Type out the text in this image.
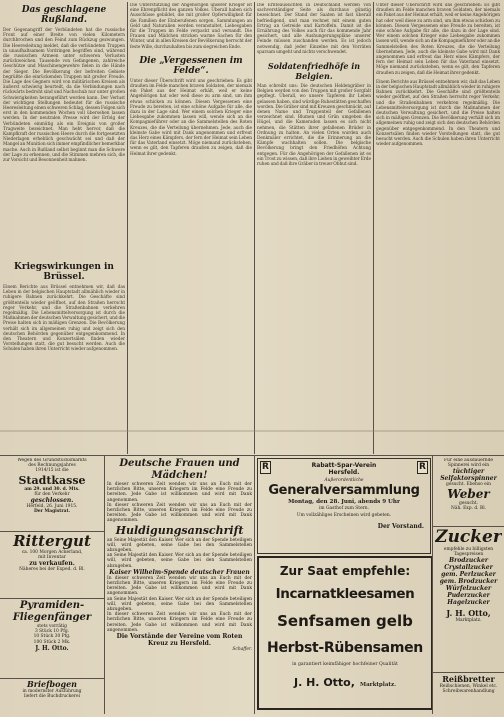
Das geschlagene Rußland.
Der Gegenangriff der Verbündeten hat die russische Front auf einer Breite von vielen Kilometern durchbrochen und den Feind zum Rückzug gezwungen. Die Heeresleitung meldet, daß die verbündeten Truppen in unaufhaltsamem Vordringen begriffen sind, während die russischen Armeen unter schweren Verlusten zurückweichen. Tausende von Gefangenen, zahlreiche Geschütze und Maschinengewehre fielen in die Hände der Sieger. Die Bevölkerung der befreiten Gebiete begrüßte die einrückenden Truppen mit großer Freude. Die Lage des Gegners wird von militärischen Kreisen als äußerst schwierig beurteilt, da die Verbindungen nach rückwärts bedroht sind und Nachschub nur unter großen Schwierigkeiten herangeführt werden kann. Der Verlust der wichtigen Stellungen bedeutet für die russische Heeresleitung einen schweren Schlag, dessen Folgen sich erst in den kommenden Wochen voll übersehen lassen werden. In der neutralen Presse wird der Erfolg der Verbündeten einmütig als ein Ereignis von großer Tragweite bezeichnet. Man hebt hervor, daß die Kampfkraft der russischen Heere durch die fortgesetzten Niederlagen erheblich geschwächt sei und daß der Mangel an Munition sich immer empfindlicher bemerkbar mache. Auch in Rußland selbst beginnt man die Schwere der Lage zu erkennen, und die Stimmen mehren sich, die zur Vorsicht und Besonnenheit mahnen.
Kriegswirkungen in Brüssel.
Einem Berichte aus Brüssel entnehmen wir, daß das Leben in der belgischen Hauptstadt allmählich wieder in ruhigere Bahnen zurückkehrt. Die Geschäfte sind größtenteils wieder geöffnet, auf den Straßen herrscht reger Verkehr, und die Straßenbahnen verkehren regelmäßig. Die Lebensmittelversorgung ist durch die Maßnahmen der deutschen Verwaltung gesichert, und die Preise halten sich in mäßigen Grenzen. Die Bevölkerung verhält sich im allgemeinen ruhig und zeigt sich den deutschen Behörden gegenüber entgegenkommend. In den Theatern und Konzertsälen finden wieder Vorstellungen statt, die gut besucht werden. Auch die Schulen haben ihren Unterricht wieder aufgenommen.
Die Unterstützung der Angehörigen unserer Krieger ist eine Ehrenpflicht des ganzen Volkes. Überall haben sich Ausschüsse gebildet, die mit großer Opferwilligkeit für die Familien der Einberufenen sorgen. Sammlungen an Geld und Naturalien werden veranstaltet, Liebesgaben für die Truppen im Felde verpackt und versandt. Die Frauen und Mädchen stricken warme Sachen für den Winter, und in allen Kreisen der Bevölkerung herrscht der feste Wille, durchzuhalten bis zum siegreichen Ende.
Die „Vergessenen im Felde“.
Unter dieser Überschrift wird uns geschrieben: Es gibt draußen im Felde manchen braven Soldaten, der niemals ein Paket aus der Heimat erhält, weil er keine Angehörigen hat oder weil diese zu arm sind, um ihm etwas schicken zu können. Diesen Vergessenen eine Freude zu bereiten, ist eine schöne Aufgabe für alle, die dazu in der Lage sind. Wer einem solchen Krieger eine Liebesgabe zukommen lassen will, wende sich an die Kompagnieführer oder an die Sammelstellen des Roten Kreuzes, die die Verteilung übernehmen. Jede, auch die kleinste Gabe wird mit Dank angenommen und erfreut das Herz eines Kämpfers, der fern der Heimat sein Leben für das Vaterland einsetzt. Möge niemand zurückstehen, wenn es gilt, den Tapferen draußen zu zeigen, daß die Heimat ihrer gedenkt.
Die Ernteaussichten in Deutschland werden von sachverständiger Seite als durchaus günstig bezeichnet. Der Stand der Saaten ist fast überall befriedigend, und man rechnet mit einem guten Ertrag an Getreide und Kartoffeln. Damit ist die Ernährung des Volkes auch für das kommende Jahr gesichert, und alle Aushungerungspläne unserer Feinde müssen zuschanden werden. Es ist jedoch notwendig, daß jeder Einzelne mit den Vorräten sparsam umgeht und nichts verschwendet.
Soldatenfriedhöfe in Belgien.
Man schreibt uns: Die deutschen Heldengräber in Belgien werden von den Truppen mit großer Sorgfalt gepflegt. Überall, wo unsere Tapferen ihr Leben gelassen haben, sind würdige Ruhestätten geschaffen worden. Die Gräber sind mit Kreuzen geschmückt, auf denen Name und Truppenteil der Gefallenen verzeichnet sind. Blumen und Grün umgeben die Hügel, und die Kameraden lassen es sich nicht nehmen, die Stätten ihrer gefallenen Brüder in Ordnung zu halten. An vielen Orten wurden auch Denkmäler errichtet, die die Erinnerung an die Kämpfe wachhalten sollen. Die belgische Bevölkerung bringt den Friedhöfen Achtung entgegen. Für die Angehörigen der Gefallenen ist es ein Trost zu wissen, daß ihre Lieben in geweihter Erde ruhen und daß ihre Gräber in treuer Obhut sind.
Unter dieser Überschrift wird uns geschrieben: Es gibt draußen im Felde manchen braven Soldaten, der niemals ein Paket aus der Heimat erhält, weil er keine Angehörigen hat oder weil diese zu arm sind, um ihm etwas schicken zu können. Diesen Vergessenen eine Freude zu bereiten, ist eine schöne Aufgabe für alle, die dazu in der Lage sind. Wer einem solchen Krieger eine Liebesgabe zukommen lassen will, wende sich an die Kompagnieführer oder an die Sammelstellen des Roten Kreuzes, die die Verteilung übernehmen. Jede, auch die kleinste Gabe wird mit Dank angenommen und erfreut das Herz eines Kämpfers, der fern der Heimat sein Leben für das Vaterland einsetzt. Möge niemand zurückstehen, wenn es gilt, den Tapferen draußen zu zeigen, daß die Heimat ihrer gedenkt.
Einem Berichte aus Brüssel entnehmen wir, daß das Leben in der belgischen Hauptstadt allmählich wieder in ruhigere Bahnen zurückkehrt. Die Geschäfte sind größtenteils wieder geöffnet, auf den Straßen herrscht reger Verkehr, und die Straßenbahnen verkehren regelmäßig. Die Lebensmittelversorgung ist durch die Maßnahmen der deutschen Verwaltung gesichert, und die Preise halten sich in mäßigen Grenzen. Die Bevölkerung verhält sich im allgemeinen ruhig und zeigt sich den deutschen Behörden gegenüber entgegenkommend. In den Theatern und Konzertsälen finden wieder Vorstellungen statt, die gut besucht werden. Auch die Schulen haben ihren Unterricht wieder aufgenommen.
Wegen des Grundstücksmarkts
des Rechnungsjahres
1914/15 ist die
Stadtkasse
am 29. und 30. d. Mts.
für den Verkehr
geschlossen.
Herfeld, 26. Juni 1915.
Der Magistrat.
Rittergut
ca. 100 Morgen Ackerland,
mit Inventar
zu verkaufen.
Näheres bei der Exped. d. Bl.
Pyramiden-Fliegenfänger
stets vorrätig
3 Stück 10 Pfg.
10 Stück 30 Pfg.
100 Stück 2 Mk.
J. H. Otto.
Briefbogen
in modernster Ausführung
liefert die Buchdruckerei
Deutsche Frauen und Mädchen!
In dieser schweren Zeit wenden wir uns an Euch mit der herzlichen Bitte, unseren Kriegern im Felde eine Freude zu bereiten. Jede Gabe ist willkommen und wird mit Dank angenommen.
In dieser schweren Zeit wenden wir uns an Euch mit der herzlichen Bitte, unseren Kriegern im Felde eine Freude zu bereiten. Jede Gabe ist willkommen und wird mit Dank angenommen.
Huldigungsanschrift
an Seine Majestät den Kaiser. Wer sich an der Spende beteiligen will, wird gebeten, seine Gabe bei den Sammelstellen abzugeben.
an Seine Majestät den Kaiser. Wer sich an der Spende beteiligen will, wird gebeten, seine Gabe bei den Sammelstellen abzugeben.
Kaiser Wilhelm-Spende deutscher Frauen
In dieser schweren Zeit wenden wir uns an Euch mit der herzlichen Bitte, unseren Kriegern im Felde eine Freude zu bereiten. Jede Gabe ist willkommen und wird mit Dank angenommen.
an Seine Majestät den Kaiser. Wer sich an der Spende beteiligen will, wird gebeten, seine Gabe bei den Sammelstellen abzugeben.
In dieser schweren Zeit wenden wir uns an Euch mit der herzlichen Bitte, unseren Kriegern im Felde eine Freude zu bereiten. Jede Gabe ist willkommen und wird mit Dank angenommen.
Die Vorstände der Vereine vom Roten Kreuz zu Hersfeld.
Schaffer.
R	R
Rabatt-Spar-Verein
Hersfeld.
Außerordentliche
Generalversammlung
Montag, den 28. Juni, abends 9 Uhr
im Gasthof zum Stern.
Um vollzähliges Erscheinen wird gebeten.
Der Vorstand.
Zur Saat empfehle:
Incarnatkleesamen
Senfsamen gelb
Herbst-Rübensamen
in garantiert keimfähiger hochfeiner Qualität
J. H. Otto, Marktplatz.
Für eine ausdauernde Spinnerei wird ein
tüchtiger Selfaktorspinner
gesucht. Ebenso ein
Weber
gesucht.
Näh. Exp. d. Bl.
Zucker
empfehle zu billigsten Tagespreisen
Brodzucker
Crystallzucker
gem. Perlzucker
gem. Brodzucker
Würfelzucker
Puderzucker
Hagelzucker
J. H. Otto,
Marktplatz.
Reißbretter
Reißschienen, Winkel etc.
Schreibwarenhandlung
